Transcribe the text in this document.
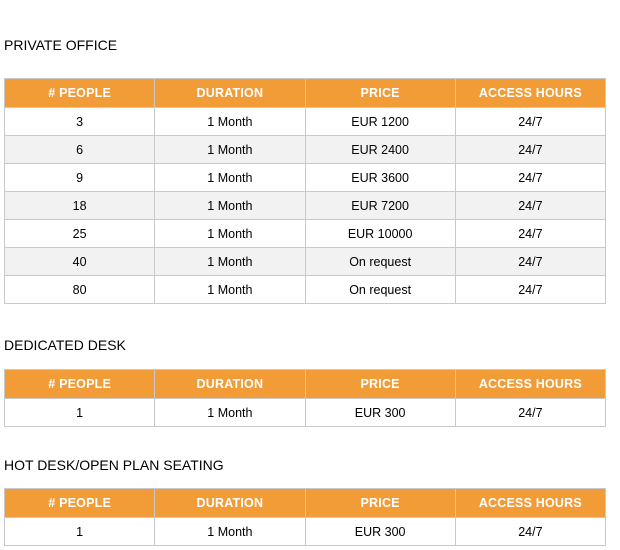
PRIVATE OFFICE
# PEOPLE	DURATION	PRICE	ACCESS HOURS
3	1 Month	EUR 1200	24/7
6	1 Month	EUR 2400	24/7
9	1 Month	EUR 3600	24/7
18	1 Month	EUR 7200	24/7
25	1 Month	EUR 10000	24/7
40	1 Month	On request	24/7
80	1 Month	On request	24/7
DEDICATED DESK
# PEOPLE	DURATION	PRICE	ACCESS HOURS
1	1 Month	EUR 300	24/7
HOT DESK/OPEN PLAN SEATING
# PEOPLE	DURATION	PRICE	ACCESS HOURS
1	1 Month	EUR 300	24/7
